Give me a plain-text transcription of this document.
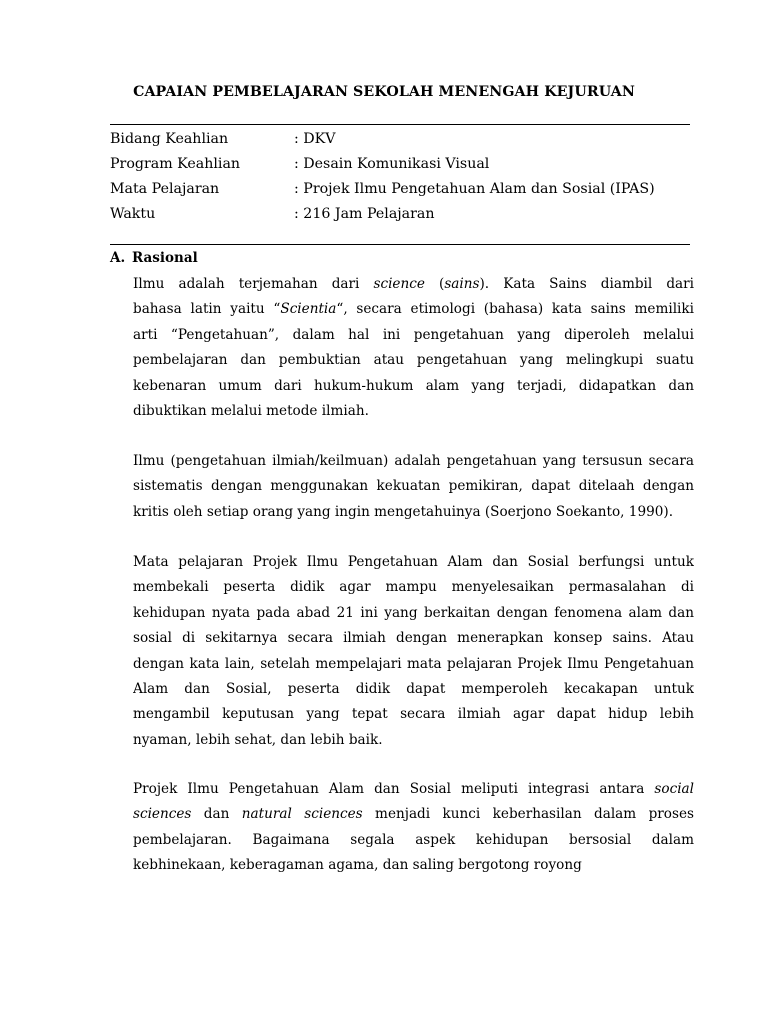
CAPAIAN PEMBELAJARAN SEKOLAH MENENGAH KEJURUAN
Bidang Keahlian	: DKV
Program Keahlian	: Desain Komunikasi Visual
Mata Pelajaran	: Projek Ilmu Pengetahuan Alam dan Sosial (IPAS)
Waktu	: 216 Jam Pelajaran
A. Rasional
Ilmu adalah terjemahan dari science (sains). Kata Sains diambil dari
bahasa latin yaitu “Scientia“, secara etimologi (bahasa) kata sains memiliki
arti “Pengetahuan”, dalam hal ini pengetahuan yang diperoleh melalui
pembelajaran dan pembuktian atau pengetahuan yang melingkupi suatu
kebenaran umum dari hukum-hukum alam yang terjadi, didapatkan dan
dibuktikan melalui metode ilmiah.
Ilmu (pengetahuan ilmiah/keilmuan) adalah pengetahuan yang tersusun secara
sistematis dengan menggunakan kekuatan pemikiran, dapat ditelaah dengan
kritis oleh setiap orang yang ingin mengetahuinya (Soerjono Soekanto, 1990).
Mata pelajaran Projek Ilmu Pengetahuan Alam dan Sosial berfungsi untuk
membekali peserta didik agar mampu menyelesaikan permasalahan di
kehidupan nyata pada abad 21 ini yang berkaitan dengan fenomena alam dan
sosial di sekitarnya secara ilmiah dengan menerapkan konsep sains. Atau
dengan kata lain, setelah mempelajari mata pelajaran Projek Ilmu Pengetahuan
Alam dan Sosial, peserta didik dapat memperoleh kecakapan untuk
mengambil keputusan yang tepat secara ilmiah agar dapat hidup lebih
nyaman, lebih sehat, dan lebih baik.
Projek Ilmu Pengetahuan Alam dan Sosial meliputi integrasi antara social
sciences dan natural sciences menjadi kunci keberhasilan dalam proses
pembelajaran. Bagaimana segala aspek kehidupan bersosial dalam
kebhinekaan, keberagaman agama, dan saling bergotong royong
